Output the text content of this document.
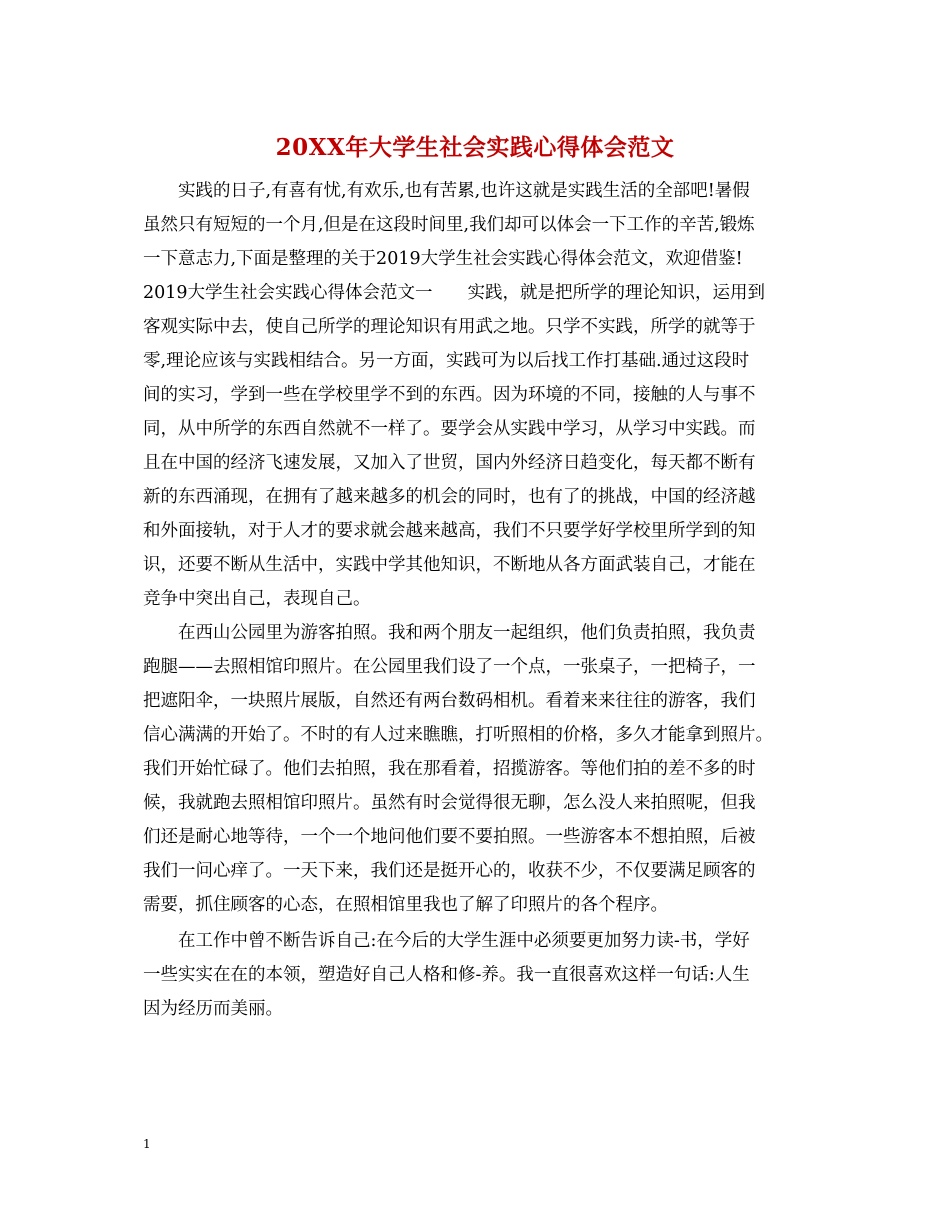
20XX年大学生社会实践心得体会范文
　　实践的日子,有喜有忧,有欢乐,也有苦累,也许这就是实践生活的全部吧!暑假
虽然只有短短的一个月,但是在这段时间里,我们却可以体会一下工作的辛苦,锻炼
一下意志力,下面是整理的关于2019大学生社会实践心得体会范文，欢迎借鉴!
2019大学生社会实践心得体会范文一　　实践，就是把所学的理论知识，运用到
客观实际中去，使自己所学的理论知识有用武之地。只学不实践，所学的就等于
零,理论应该与实践相结合。另一方面，实践可为以后找工作打基础.通过这段时
间的实习，学到一些在学校里学不到的东西。因为环境的不同，接触的人与事不
同，从中所学的东西自然就不一样了。要学会从实践中学习，从学习中实践。而
且在中国的经济飞速发展，又加入了世贸，国内外经济日趋变化，每天都不断有
新的东西涌现，在拥有了越来越多的机会的同时，也有了的挑战，中国的经济越
和外面接轨，对于人才的要求就会越来越高，我们不只要学好学校里所学到的知
识，还要不断从生活中，实践中学其他知识，不断地从各方面武装自己，才能在
竞争中突出自己，表现自己。
　　在西山公园里为游客拍照。我和两个朋友一起组织，他们负责拍照，我负责
跑腿——去照相馆印照片。在公园里我们设了一个点，一张桌子，一把椅子，一
把遮阳伞，一块照片展版，自然还有两台数码相机。看着来来往往的游客，我们
信心满满的开始了。不时的有人过来瞧瞧，打听照相的价格，多久才能拿到照片。
我们开始忙碌了。他们去拍照，我在那看着，招揽游客。等他们拍的差不多的时
候，我就跑去照相馆印照片。虽然有时会觉得很无聊，怎么没人来拍照呢，但我
们还是耐心地等待，一个一个地问他们要不要拍照。一些游客本不想拍照，后被
我们一问心痒了。一天下来，我们还是挺开心的，收获不少，不仅要满足顾客的
需要，抓住顾客的心态，在照相馆里我也了解了印照片的各个程序。
　　在工作中曾不断告诉自己:在今后的大学生涯中必须要更加努力读-书，学好
一些实实在在的本领，塑造好自己人格和修-养。我一直很喜欢这样一句话:人生
因为经历而美丽。
1
